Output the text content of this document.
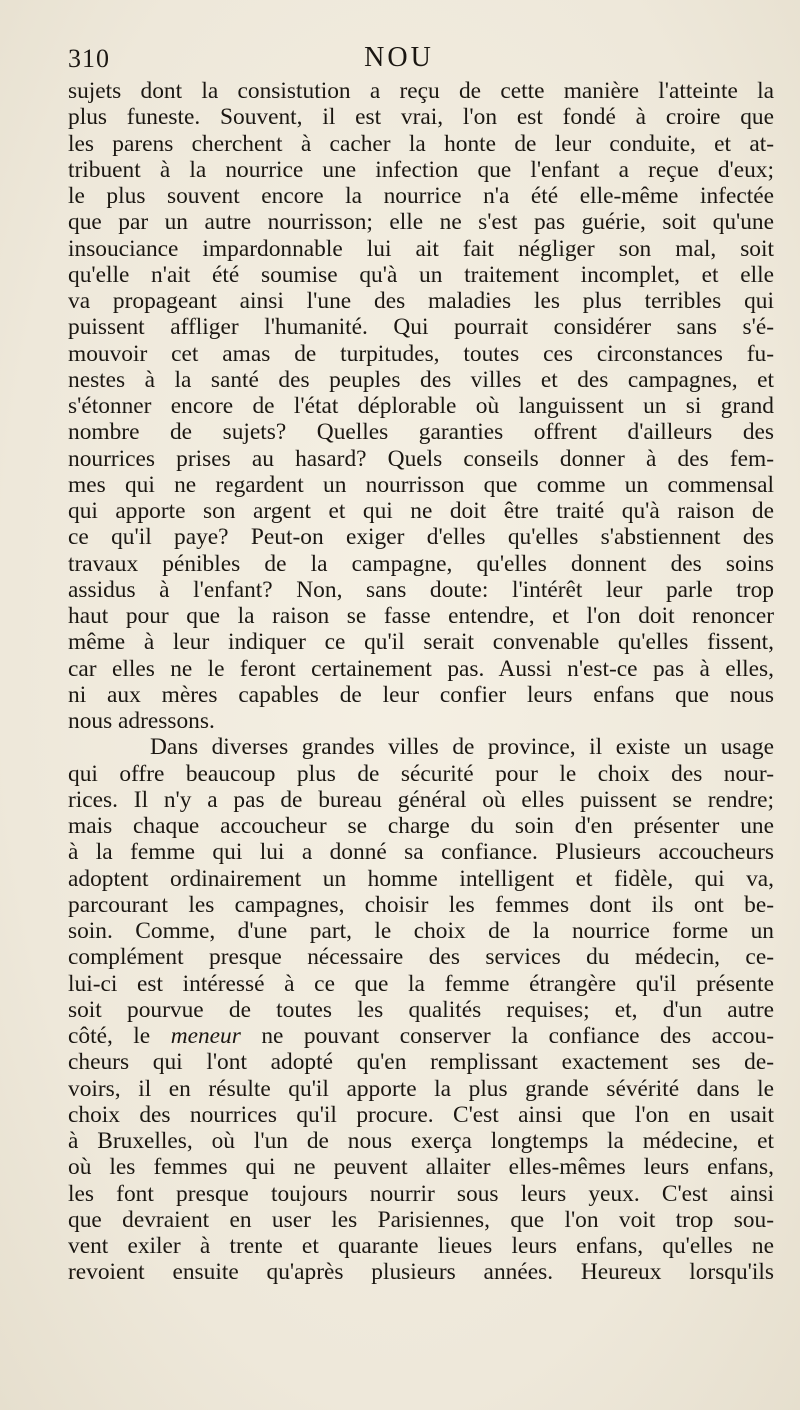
310	NOU
sujets dont la consistution a reçu de cette manière l'atteinte la
plus funeste. Souvent, il est vrai, l'on est fondé à croire que
les parens cherchent à cacher la honte de leur conduite, et at-
tribuent à la nourrice une infection que l'enfant a reçue d'eux;
le plus souvent encore la nourrice n'a été elle-même infectée
que par un autre nourrisson; elle ne s'est pas guérie, soit qu'une
insouciance impardonnable lui ait fait négliger son mal, soit
qu'elle n'ait été soumise qu'à un traitement incomplet, et elle
va propageant ainsi l'une des maladies les plus terribles qui
puissent affliger l'humanité. Qui pourrait considérer sans s'é-
mouvoir cet amas de turpitudes, toutes ces circonstances fu-
nestes à la santé des peuples des villes et des campagnes, et
s'étonner encore de l'état déplorable où languissent un si grand
nombre de sujets? Quelles garanties offrent d'ailleurs des
nourrices prises au hasard? Quels conseils donner à des fem-
mes qui ne regardent un nourrisson que comme un commensal
qui apporte son argent et qui ne doit être traité qu'à raison de
ce qu'il paye? Peut-on exiger d'elles qu'elles s'abstiennent des
travaux pénibles de la campagne, qu'elles donnent des soins
assidus à l'enfant? Non, sans doute: l'intérêt leur parle trop
haut pour que la raison se fasse entendre, et l'on doit renoncer
même à leur indiquer ce qu'il serait convenable qu'elles fissent,
car elles ne le feront certainement pas. Aussi n'est-ce pas à elles,
ni aux mères capables de leur confier leurs enfans que nous
nous adressons.
Dans diverses grandes villes de province, il existe un usage
qui offre beaucoup plus de sécurité pour le choix des nour-
rices. Il n'y a pas de bureau général où elles puissent se rendre;
mais chaque accoucheur se charge du soin d'en présenter une
à la femme qui lui a donné sa confiance. Plusieurs accoucheurs
adoptent ordinairement un homme intelligent et fidèle, qui va,
parcourant les campagnes, choisir les femmes dont ils ont be-
soin. Comme, d'une part, le choix de la nourrice forme un
complément presque nécessaire des services du médecin, ce-
lui-ci est intéressé à ce que la femme étrangère qu'il présente
soit pourvue de toutes les qualités requises; et, d'un autre
côté, le meneur ne pouvant conserver la confiance des accou-
cheurs qui l'ont adopté qu'en remplissant exactement ses de-
voirs, il en résulte qu'il apporte la plus grande sévérité dans le
choix des nourrices qu'il procure. C'est ainsi que l'on en usait
à Bruxelles, où l'un de nous exerça longtemps la médecine, et
où les femmes qui ne peuvent allaiter elles-mêmes leurs enfans,
les font presque toujours nourrir sous leurs yeux. C'est ainsi
que devraient en user les Parisiennes, que l'on voit trop sou-
vent exiler à trente et quarante lieues leurs enfans, qu'elles ne
revoient ensuite qu'après plusieurs années. Heureux lorsqu'ils
